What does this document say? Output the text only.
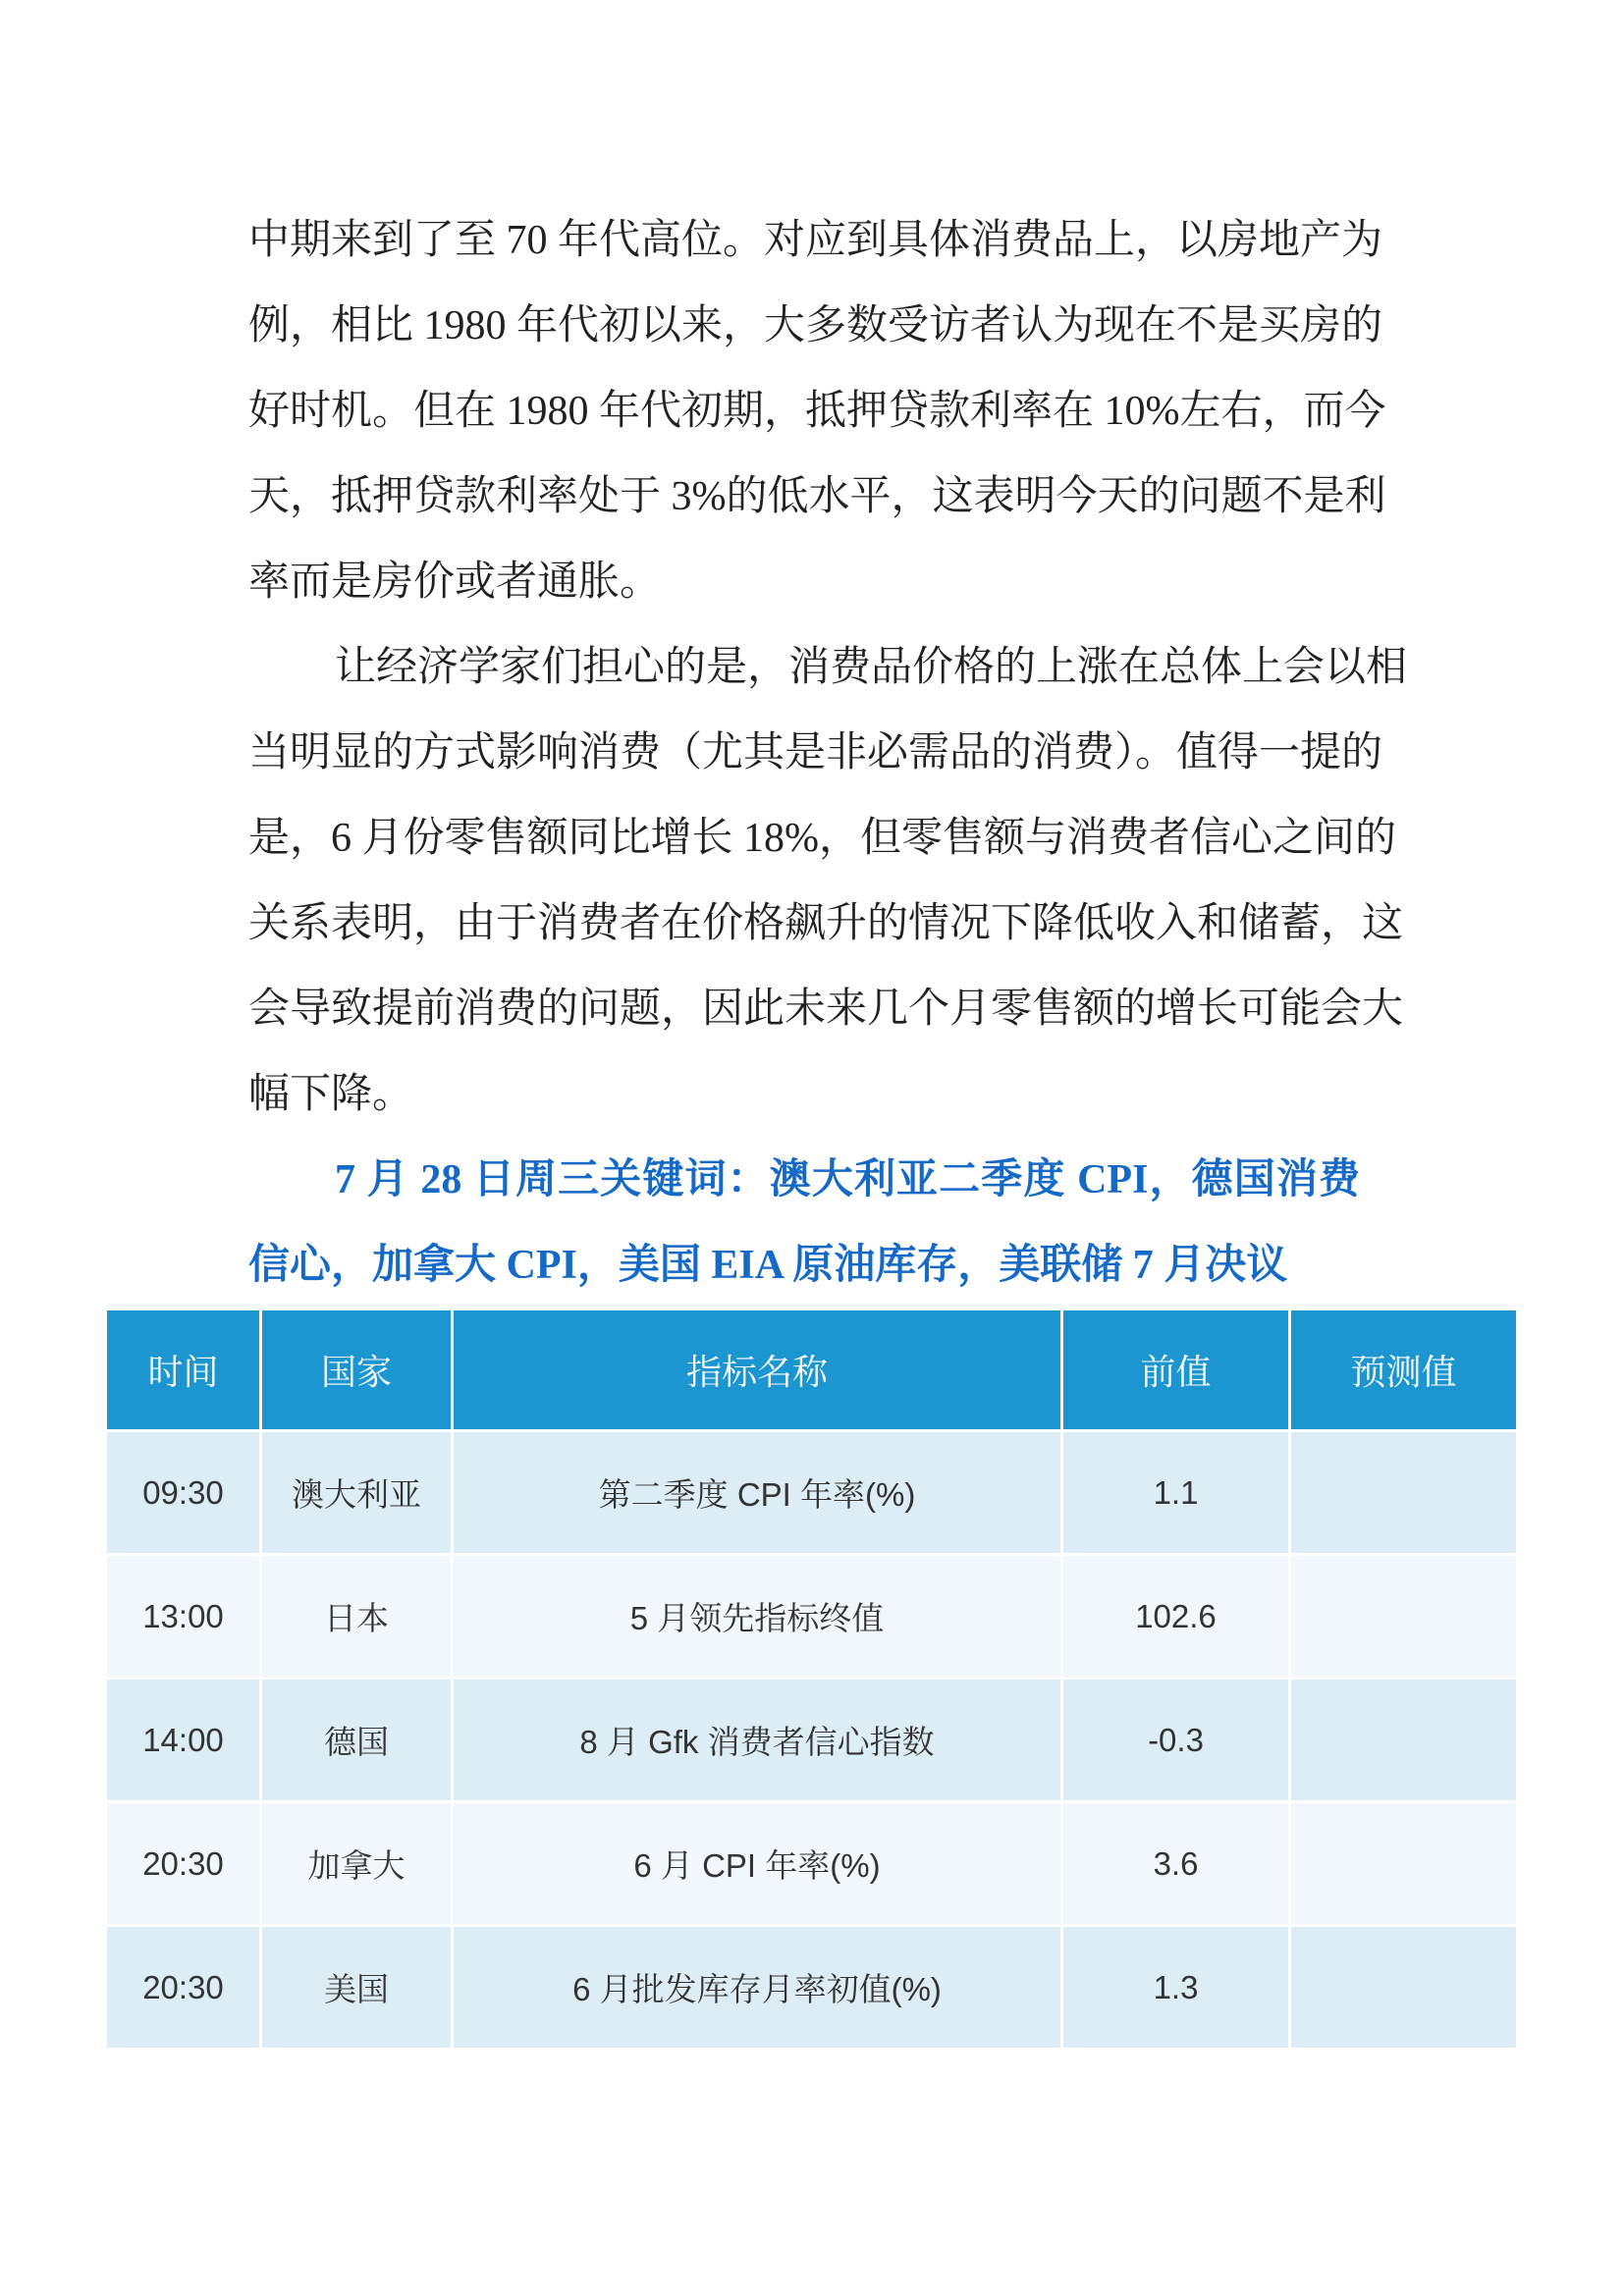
中期来到了至 70 年代高位。对应到具体消费品上，以房地产为
例，相比 1980 年代初以来，大多数受访者认为现在不是买房的
好时机。但在 1980 年代初期，抵押贷款利率在 10%左右，而今
天，抵押贷款利率处于 3%的低水平，这表明今天的问题不是利
率而是房价或者通胀。
让经济学家们担心的是，消费品价格的上涨在总体上会以相
当明显的方式影响消费（尤其是非必需品的消费）。值得一提的
是，6 月份零售额同比增长 18%，但零售额与消费者信心之间的
关系表明，由于消费者在价格飙升的情况下降低收入和储蓄，这
会导致提前消费的问题，因此未来几个月零售额的增长可能会大
幅下降。
7 月 28 日周三关键词：澳大利亚二季度 CPI，德国消费
信心，加拿大 CPI，美国 EIA 原油库存，美联储 7 月决议
时间	国家	指标名称	前值	预测值
09:30	澳大利亚	第二季度 CPI 年率(%)	1.1
13:00	日本	5 月领先指标终值	102.6
14:00	德国	8 月 Gfk 消费者信心指数	-0.3
20:30	加拿大	6 月 CPI 年率(%)	3.6
20:30	美国	6 月批发库存月率初值(%)	1.3
